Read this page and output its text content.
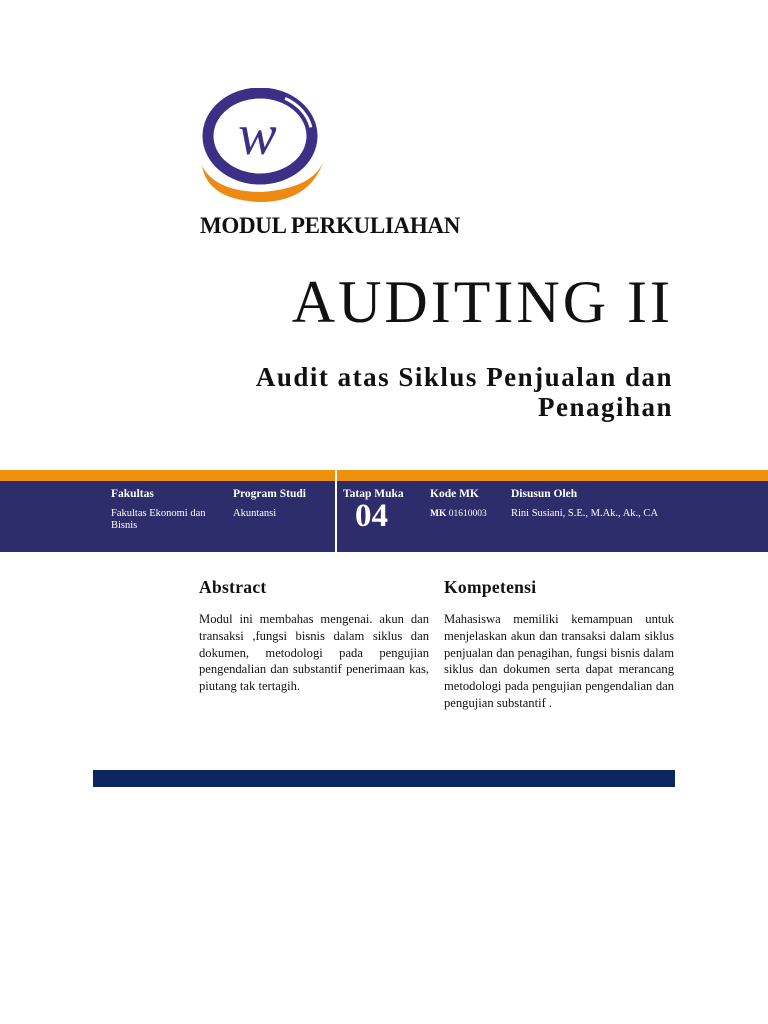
w
MODUL PERKULIAHAN
AUDITING II
Audit atas Siklus Penjualan dan Penagihan
Fakultas
Fakultas Ekonomi dan Bisnis
Program Studi
Akuntansi
Tatap Muka
04
Kode MK
MK 01610003
Disusun Oleh
Rini Susiani, S.E., M.Ak., Ak., CA
Abstract
Modul ini membahas mengenai. akun dan transaksi ,fungsi bisnis dalam siklus dan dokumen, metodologi pada pengujian pengendalian dan substantif penerimaan kas, piutang tak tertagih.
Kompetensi
Mahasiswa memiliki kemampuan untuk menjelaskan akun dan transaksi dalam siklus penjualan dan penagihan, fungsi bisnis dalam siklus dan dokumen serta dapat merancang metodologi pada pengujian pengendalian dan pengujian substantif .
